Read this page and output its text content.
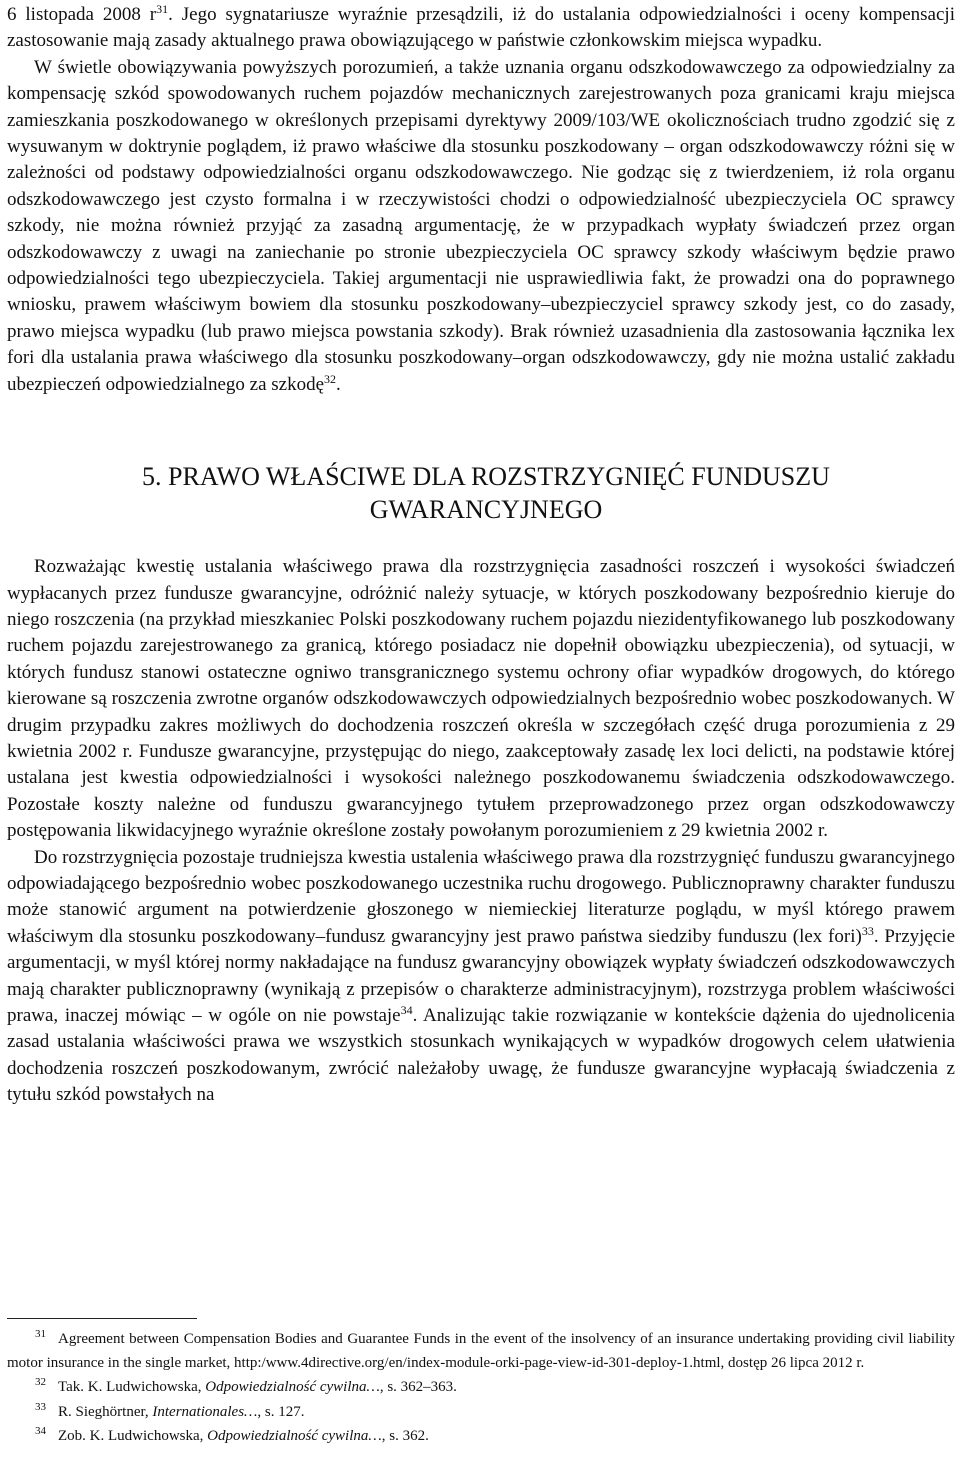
6 listopada 2008 $r^{31}$. Jego sygnatariusze wyraźnie przesądzili, iż do ustalania odpowiedzialności i oceny kompensacji zastosowanie mają zasady aktualnego prawa obowiązującego w państwie członkowskim miejsca wypadku.

W świetle obowiązywania powyższych porozumień, a także uznania organu odszkodowawczego za odpowiedzialny za kompensację szkód spowodowanych ruchem pojazdów mechanicznych zarejestrowanych poza granicami kraju miejsca zamieszkania poszkodowanego w określonych przepisami dyrektywy 2009/103/WE okolicznościach trudno zgodzić się z wysuwanym w doktrynie poglądem, iż prawo właściwe dla stosunku poszkodowany – organ odszkodowawczy różni się w zależności od podstawy odpowiedzialności organu odszkodowawczego. Nie godząc się z twierdzeniem, iż rola organu odszkodowawczego jest czysto formalna i w rzeczywistości chodzi o odpowiedzialność ubezpieczyciela OC sprawcy szkody, nie można również przyjąć za zasadną argumentację, że w przypadkach wypłaty świadczeń przez organ odszkodowawczy z uwagi na zaniechanie po stronie ubezpieczyciela OC sprawcy szkody właściwym będzie prawo odpowiedzialności tego ubezpieczyciela. Takiej argumentacji nie usprawiedliwia fakt, że prowadzi ona do poprawnego wniosku, prawem właściwym bowiem dla stosunku poszkodowany–ubezpieczyciel sprawcy szkody jest, co do zasady, prawo miejsca wypadku (lub prawo miejsca powstania szkody). Brak również uzasadnienia dla zastosowania łącznika lex fori dla ustalania prawa właściwego dla stosunku poszkodowany–organ odszkodowawczy, gdy nie można ustalić zakładu ubezpieczeń odpowiedzialnego za szkodę$^{32}$.

5. PRAWO WŁAŚCIWE DLA ROZSTRZYGNIĘĆ FUNDUSZU
GWARANCYJNEGO

Rozważając kwestię ustalania właściwego prawa dla rozstrzygnięcia zasadności roszczeń i wysokości świadczeń wypłacanych przez fundusze gwarancyjne, odróżnić należy sytuacje, w których poszkodowany bezpośrednio kieruje do niego roszczenia (na przykład mieszkaniec Polski poszkodowany ruchem pojazdu niezidentyfikowanego lub poszkodowany ruchem pojazdu zarejestrowanego za granicą, którego posiadacz nie dopełnił obowiązku ubezpieczenia), od sytuacji, w których fundusz stanowi ostateczne ogniwo transgranicznego systemu ochrony ofiar wypadków drogowych, do którego kierowane są roszczenia zwrotne organów odszkodowawczych odpowiedzialnych bezpośrednio wobec poszkodowanych. W drugim przypadku zakres możliwych do dochodzenia roszczeń określa w szczegółach część druga porozumienia z 29 kwietnia 2002 r. Fundusze gwarancyjne, przystępując do niego, zaakceptowały zasadę lex loci delicti, na podstawie której ustalana jest kwestia odpowiedzialności i wysokości należnego poszkodowanemu świadczenia odszkodowawczego. Pozostałe koszty należne od funduszu gwarancyjnego tytułem przeprowadzonego przez organ odszkodowawczy postępowania likwidacyjnego wyraźnie określone zostały powołanym porozumieniem z 29 kwietnia 2002 r.

Do rozstrzygnięcia pozostaje trudniejsza kwestia ustalenia właściwego prawa dla rozstrzygnięć funduszu gwarancyjnego odpowiadającego bezpośrednio wobec poszkodowanego uczestnika ruchu drogowego. Publicznoprawny charakter funduszu może stanowić argument na potwierdzenie głoszonego w niemieckiej literaturze poglądu, w myśl którego prawem właściwym dla stosunku poszkodowany–fundusz gwarancyjny jest prawo państwa siedziby funduszu (lex fori)$^{33}$. Przyjęcie argumentacji, w myśl której normy nakładające na fundusz gwarancyjny obowiązek wypłaty świadczeń odszkodowawczych mają charakter publicznoprawny (wynikają z przepisów o charakterze administracyjnym), rozstrzyga problem właściwości prawa, inaczej mówiąc – w ogóle on nie powstaje$^{34}$. Analizując takie rozwiązanie w kontekście dążenia do ujednolicenia zasad ustalania właściwości prawa we wszystkich stosunkach wynikających w wypadków drogowych celem ułatwienia dochodzenia roszczeń poszkodowanym, zwrócić należałoby uwagę, że fundusze gwarancyjne wypłacają świadczenia z tytułu szkód powstałych na

$^{31}$ Agreement between Compensation Bodies and Guarantee Funds in the event of the insolvency of an insurance undertaking providing civil liability motor insurance in the single market, http:/www.4directive.org/en/index-module-orki-page-view-id-301-deploy-1.html, dostęp 26 lipca 2012 r.

$^{32}$ Tak. K. Ludwichowska, Odpowiedzialność cywilna…, s. 362–363.

$^{33}$ R. Sieghörtner, Internationales…, s. 127.

$^{34}$ Zob. K. Ludwichowska, Odpowiedzialność cywilna…, s. 362.
